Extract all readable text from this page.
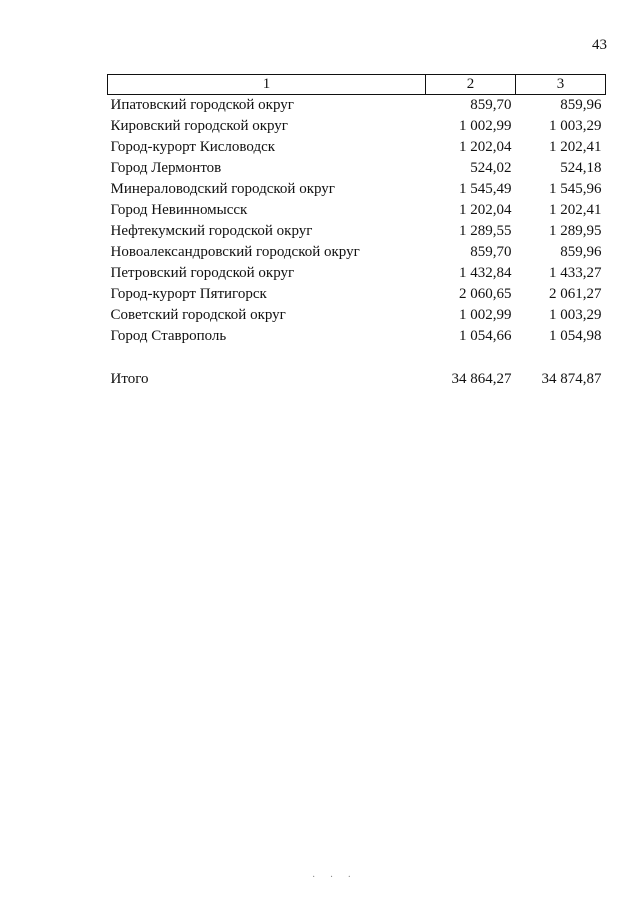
43
1	2	3
Ипатовский городской округ	859,70	859,96
Кировский городской округ	1 002,99	1 003,29
Город-курорт Кисловодск	1 202,04	1 202,41
Город Лермонтов	524,02	524,18
Минераловодский городской округ	1 545,49	1 545,96
Город Невинномысск	1 202,04	1 202,41
Нефтекумский городской округ	1 289,55	1 289,95
Новоалександровский городской округ	859,70	859,96
Петровский городской округ	1 432,84	1 433,27
Город-курорт Пятигорск	2 060,65	2 061,27
Советский городской округ	1 002,99	1 003,29
Город Ставрополь	1 054,66	1 054,98

Итого	34 864,27	34 874,87
· · ·
